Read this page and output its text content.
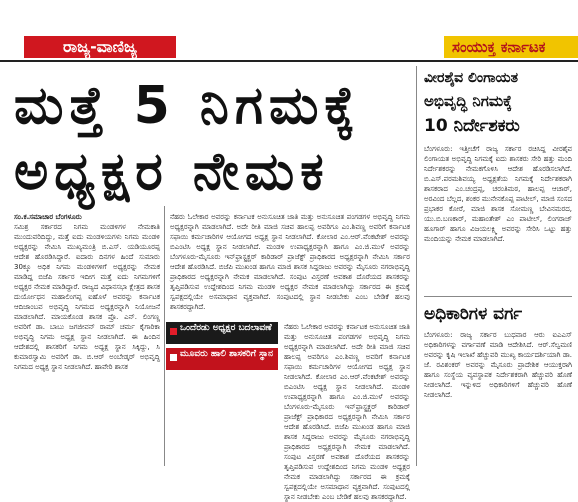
ರಾಜ್ಯ-ವಾಣಿಜ್ಯ	ಸಂಯುಕ್ತ ಕರ್ನಾಟಕ
ಮತ್ತೆ 5 ನಿಗಮಕ್ಕೆ
ಅಧ್ಯಕ್ಷರ ನೇಮಕ

ಸಂ.ಕ.ಸಮಾಚಾರ ಬೆಂಗಳೂರು

ಸಮಿಶ್ರ ಸರ್ಕಾರದ ನಿಗಮ ಮಂಡಳಿಗಳ ನೇಮಕಾತಿ ಮುಂದುವರಿದಿದ್ದು, ಮತ್ತೆ ಐದು ಮಂಡಳಿಯಗಳು ನಿಗಮ ಮಂಡಳಿ ಅಧ್ಯಕ್ಷರನ್ನು ನೇಮಿಸಿ ಮುಖ್ಯಮಂತ್ರಿ ಬಿ.ಎಸ್. ಯಡಿಯೂರಪ್ಪ ಆದೇಶ ಹೊರಡಿಸಿದ್ದಾರೆ. ಐದಾರು ದಿನಗಳ ಹಿಂದೆ ಸುಮಾರು 30ಕ್ಕೂ ಅಧಿಕ ನಿಗಮ ಮಂಡಳಿಗಳಿಗೆ ಅಧ್ಯಕ್ಷರನ್ನು ನೇಮಕ ಮಾಡಿದ್ದ ಬಿಜೆಪಿ ಸರ್ಕಾರ ಇದೀಗ ಮತ್ತೆ ಐದು ನಿಗಮಗಳಿಗೆ ಅಧ್ಯಕ್ಷರ ನೇಮಕ ಮಾಡಿದ್ದಾರೆ. ರಾಜ್ಯದ ವಿಧಾನಸಭಾ ಕ್ಷೇತ್ರದ ಶಾಸಕ ದುರ್ಯೋಧನ ಮಹಾಲಿಂಗಪ್ಪ ಐಹೊಳೆ ಅವರನ್ನು ಕರ್ನಾಟಕ ಆದಿಜಾಂಬವ ಅಭಿವೃದ್ಧಿ ನಿಗಮದ ಅಧ್ಯಕ್ಷರನ್ನಾಗಿ ನಿಯೋಜನೆ ಮಾಡಲಾಗಿದೆ. ಮಾಯಕೊಂಡ ಶಾಸಕ ಪ್ರೊ. ಎನ್. ಲಿಂಗಣ್ಣ ಅವರಿಗೆ ಡಾ. ಬಾಬು ಜಗಜೀವನ್ ರಾಮ್ ಚರ್ಮ ಕೈಗಾರಿಕಾ ಅಭಿವೃದ್ಧಿ ನಿಗಮ ಅಧ್ಯಕ್ಷ ಸ್ಥಾನ ನೀಡಲಾಗಿದೆ. ಈ ಹಿಂದಿನ ಆದೇಶದಲ್ಲಿ ಶಾಸಕರಿಗೆ ನಿಗಮ ಅಧ್ಯಕ್ಷ ಸ್ಥಾನ ಸಿಕ್ಕಿದ್ದು, ಸಿ ಕುಮಾರಸ್ವಾಮಿ ಅವರಿಗೆ ಡಾ. ಬಿ.ಆರ್ ಅಂಬೇಡ್ಕರ್ ಅಭಿವೃದ್ಧಿ ನಿಗಮದ ಅಧ್ಯಕ್ಷ ಸ್ಥಾನ ನೀಡಲಾಗಿದೆ. ಹಾವೇರಿ ಶಾಸಕ

ನೆಹರು ಓಲೇಕಾರ ಅವರನ್ನು ಕರ್ನಾಟಕ ಅನುಸೂಚಿತ ಜಾತಿ ಮತ್ತು ಅನುಸೂಚಿತ ಪಂಗಡಗಳ ಅಭಿವೃದ್ಧಿ ನಿಗಮ ಅಧ್ಯಕ್ಷರನ್ನಾಗಿ ಮಾಡಲಾಗಿದೆ. ಅದೇ ರೀತಿ ಮಾಜಿ ಸಚಿವ ಹಾಲಪ್ಪ ಅವರಿಗೂ ಎಂ.ಶಿವಣ್ಣ ಅವರಿಗೆ ಕರ್ನಾಟಕ ಸಫಾಯಿ ಕರ್ಮಚಾರಿಗಳ ಆಯೋಗದ ಅಧ್ಯಕ್ಷ ಸ್ಥಾನ ನೀಡಲಾಗಿದೆ. ಕೋಲಾರ ಎಂ.ಆರ್.ವೆಂಕಟೇಶ್ ಅವರನ್ನು ಬಿಎಂಟಿಸಿ ಅಧ್ಯಕ್ಷ ಸ್ಥಾನ ನೀಡಲಾಗಿದೆ. ಮಂಡಳಿ ಉಪಾಧ್ಯಕ್ಷರನ್ನಾಗಿ ಹಾಗೂ ಎಂ.ಜಿ.ಮುಳೆ ಅವರನ್ನು ಬೆಂಗಳೂರು-ಮೈಸೂರು ಇನ್‌ಫ್ರಾಸ್ಟ್ರಕ್ಚರ್ ಕಾರಿಡಾರ್ ಪ್ರಾಜೆಕ್ಟ್ ಪ್ರಾಧಿಕಾರದ ಅಧ್ಯಕ್ಷರನ್ನಾಗಿ ನೇಮಿಸಿ ಸರ್ಕಾರ ಆದೇಶ ಹೊರಡಿಸಿದೆ. ಬಿಜೆಪಿ ಮುಖಂಡ ಹಾಗೂ ಮಾಜಿ ಶಾಸಕ ಸಿದ್ದರಾಜು ಅವರನ್ನು ಮೈಸೂರು ನಗರಾಭಿವೃದ್ಧಿ ಪ್ರಾಧಿಕಾರದ ಅಧ್ಯಕ್ಷರನ್ನಾಗಿ ನೇಮಕ ಮಾಡಲಾಗಿದೆ. ಸಂಪುಟ ವಿಸ್ತರಣೆ ಅವಕಾಶ ದೊರೆಯದ ಶಾಸಕರನ್ನು ತೃಪ್ತಿಪಡಿಸುವ ಉದ್ದೇಶದಿಂದ ನಿಗಮ ಮಂಡಳಿ ಅಧ್ಯಕ್ಷರ ನೇಮಕ ಮಾಡಲಾಗಿದ್ದು ಸರ್ಕಾರದ ಈ ಕ್ರಮಕ್ಕೆ ಸ್ವಪಕ್ಷದಲ್ಲಿಯೇ ಅಸಮಾಧಾನ ವ್ಯಕ್ತವಾಗಿದೆ. ಸಂಪುಟದಲ್ಲಿ ಸ್ಥಾನ ನೀಡಬೇಕು ಎಂಬ ಬೇಡಿಕೆ ಹಲವು ಶಾಸಕರದ್ದಾಗಿದೆ.

ಒಂದೆರಡು ಅಧ್ಯಕ್ಷರ ಬದಲಾವಣೆ
ಮೂವರು ಹಾಲಿ ಶಾಸಕರಿಗೆ ಸ್ಥಾನ

ನೆಹರು ಓಲೇಕಾರ ಅವರನ್ನು ಕರ್ನಾಟಕ ಅನುಸೂಚಿತ ಜಾತಿ ಮತ್ತು ಅನುಸೂಚಿತ ಪಂಗಡಗಳ ಅಭಿವೃದ್ಧಿ ನಿಗಮ ಅಧ್ಯಕ್ಷರನ್ನಾಗಿ ಮಾಡಲಾಗಿದೆ. ಅದೇ ರೀತಿ ಮಾಜಿ ಸಚಿವ ಹಾಲಪ್ಪ ಅವರಿಗೂ ಎಂ.ಶಿವಣ್ಣ ಅವರಿಗೆ ಕರ್ನಾಟಕ ಸಫಾಯಿ ಕರ್ಮಚಾರಿಗಳ ಆಯೋಗದ ಅಧ್ಯಕ್ಷ ಸ್ಥಾನ ನೀಡಲಾಗಿದೆ. ಕೋಲಾರ ಎಂ.ಆರ್.ವೆಂಕಟೇಶ್ ಅವರನ್ನು ಬಿಎಂಟಿಸಿ ಅಧ್ಯಕ್ಷ ಸ್ಥಾನ ನೀಡಲಾಗಿದೆ. ಮಂಡಳಿ ಉಪಾಧ್ಯಕ್ಷರನ್ನಾಗಿ ಹಾಗೂ ಎಂ.ಜಿ.ಮುಳೆ ಅವರನ್ನು ಬೆಂಗಳೂರು-ಮೈಸೂರು ಇನ್‌ಫ್ರಾಸ್ಟ್ರಕ್ಚರ್ ಕಾರಿಡಾರ್ ಪ್ರಾಜೆಕ್ಟ್ ಪ್ರಾಧಿಕಾರದ ಅಧ್ಯಕ್ಷರನ್ನಾಗಿ ನೇಮಿಸಿ ಸರ್ಕಾರ ಆದೇಶ ಹೊರಡಿಸಿದೆ. ಬಿಜೆಪಿ ಮುಖಂಡ ಹಾಗೂ ಮಾಜಿ ಶಾಸಕ ಸಿದ್ದರಾಜು ಅವರನ್ನು ಮೈಸೂರು ನಗರಾಭಿವೃದ್ಧಿ ಪ್ರಾಧಿಕಾರದ ಅಧ್ಯಕ್ಷರನ್ನಾಗಿ ನೇಮಕ ಮಾಡಲಾಗಿದೆ. ಸಂಪುಟ ವಿಸ್ತರಣೆ ಅವಕಾಶ ದೊರೆಯದ ಶಾಸಕರನ್ನು ತೃಪ್ತಿಪಡಿಸುವ ಉದ್ದೇಶದಿಂದ ನಿಗಮ ಮಂಡಳಿ ಅಧ್ಯಕ್ಷರ ನೇಮಕ ಮಾಡಲಾಗಿದ್ದು ಸರ್ಕಾರದ ಈ ಕ್ರಮಕ್ಕೆ ಸ್ವಪಕ್ಷದಲ್ಲಿಯೇ ಅಸಮಾಧಾನ ವ್ಯಕ್ತವಾಗಿದೆ. ಸಂಪುಟದಲ್ಲಿ ಸ್ಥಾನ ನೀಡಬೇಕು ಎಂಬ ಬೇಡಿಕೆ ಹಲವು ಶಾಸಕರದ್ದಾಗಿದೆ.

ವೀರಶೈವ ಲಿಂಗಾಯತ
ಅಭಿವೃದ್ಧಿ ನಿಗಮಕ್ಕೆ
10 ನಿರ್ದೇಶಕರು

ಬೆಂಗಳೂರು: ಇತ್ತೀಚೆಗೆ ರಾಜ್ಯ ಸರ್ಕಾರ ರಚಿಸಿದ್ದ ವೀರಶೈವ ಲಿಂಗಾಯತ ಅಭಿವೃದ್ಧಿ ನಿಗಮಕ್ಕೆ ಐದು ಶಾಸಕರು ಸೇರಿ ಹತ್ತು ಮಂದಿ ನಿರ್ದೇಶಕರನ್ನು ನೇಮಕಗೊಳಿಸಿ ಆದೇಶ ಹೊರಡಿಸಲಾಗಿದೆ. ಬಿ.ಎಸ್.ಪರಮಶಿವಯ್ಯ ಅಧ್ಯಕ್ಷತೆಯ ನಿಗಮಕ್ಕೆ ನಿರ್ದೇಶಕರಾಗಿ ಶಾಸಕರಾದ ಎಂ.ಚಂದ್ರಪ್ಪ, ಚರಂತಿಮಠ, ಹಾಲಪ್ಪ ಆಚಾರ್, ಅರವಿಂದ ಬೆಲ್ಲದ, ಶಂಕರ ಮುನೇನಕೊಪ್ಪ ಪಾಟೀಲ್, ಮಾಜಿ ಸಂಸದ ಪ್ರಭಾಕರ ಕೋರೆ, ಮಾಜಿ ಶಾಸಕ ಸೋಮಣ್ಣ ಬೇವಿನಮರದ, ಯು.ಬಿ.ಬಣಕಾರ್, ಮಹಾಂತೇಶ್ ಎಂ ಪಾಟೀಲ್, ಲಿಂಗರಾಜ್ ಹೂಗಾರ್ ಹಾಗೂ ವಿಜಯಲಕ್ಷ್ಮಿ ಅವರನ್ನು ಸೇರಿಸಿ ಒಟ್ಟು ಹತ್ತು ಮಂದಿಯನ್ನು ನೇಮಕ ಮಾಡಲಾಗಿದೆ.

ಅಧಿಕಾರಿಗಳ ವರ್ಗ

ಬೆಂಗಳೂರು: ರಾಜ್ಯ ಸರ್ಕಾರ ಬುಧವಾರ ಆರು ಐಎಎಸ್ ಅಧಿಕಾರಿಗಳನ್ನು ವರ್ಗಾವಣೆ ಮಾಡಿ ಆದೇಶಿಸಿದೆ. ಆರ್.ಸೆಲ್ವಮಣಿ ಅವರನ್ನು ಕೃಷಿ ಇಲಾಖೆ ಹೆಚ್ಚುವರಿ ಮುಖ್ಯ ಕಾರ್ಯದರ್ಶಿಯಾಗಿ ಡಾ. ಜೆ. ರವಿಶಂಕರ್ ಅವರನ್ನು ಮೈಸೂರು ಪ್ರಾದೇಶಿಕ ಆಯುಕ್ತರಾಗಿ ಹಾಗೂ ಸಂಸ್ಥೆಯ ವ್ಯವಸ್ಥಾಪಕ ನಿರ್ದೇಶಕರಾಗಿ ಹೆಚ್ಚುವರಿ ಹೊಣೆ ನೀಡಲಾಗಿದೆ. ಇನ್ನುಳಿದ ಅಧಿಕಾರಿಗಳಿಗೆ ಹೆಚ್ಚುವರಿ ಹೊಣೆ ನೀಡಲಾಗಿದೆ.
